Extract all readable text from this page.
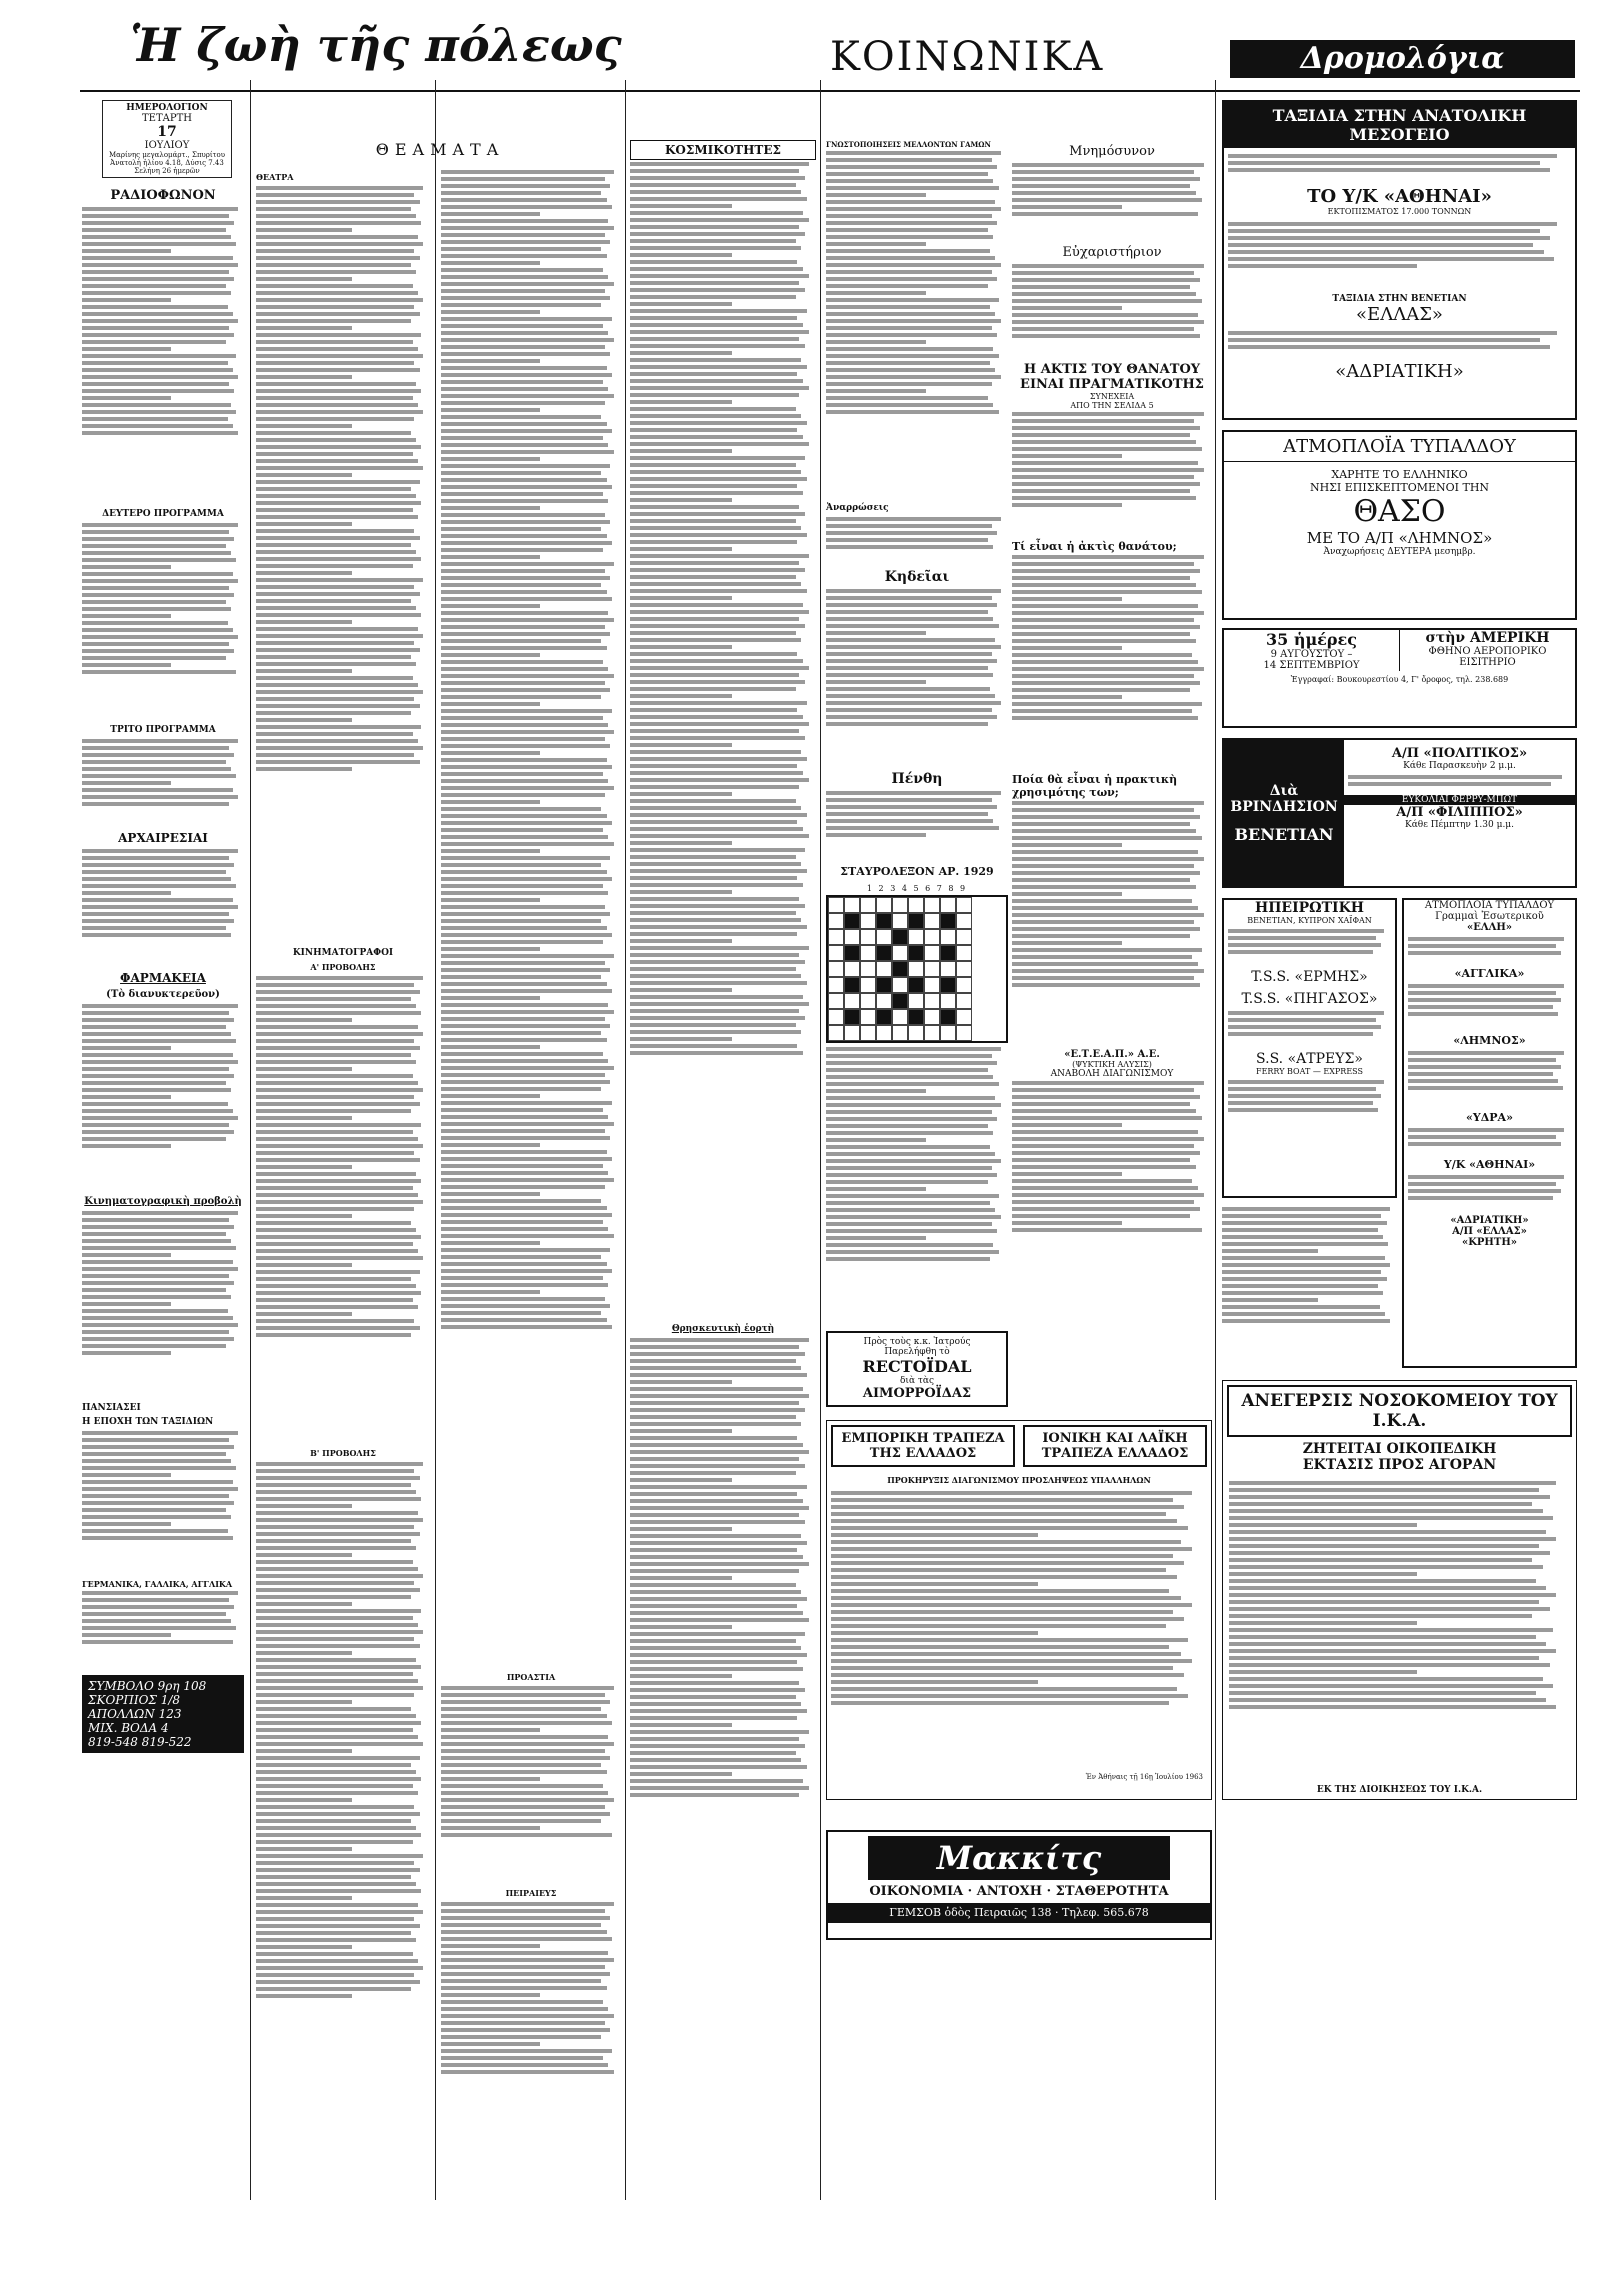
Ἡ ζωὴ τῆς πόλεως	ΚΟΙΝΩΝΙΚΑ	Δρομολόγια
ΗΜΕΡΟΛΟΓΙΟΝ
ΤΕΤΑΡΤΗ
17
ΙΟΥΛΙΟΥ
Μαρίνης μεγαλομάρτ., Σπυρίτου
Ἀνατολὴ ἡλίου 4.18, Δύσις 7.43
Σελήνη 26 ἡμερῶν
ΡΑΔΙΟΦΩΝΟΝ
ΔΕΥΤΕΡΟ ΠΡΟΓΡΑΜΜΑ
ΤΡΙΤΟ ΠΡΟΓΡΑΜΜΑ
ΑΡΧΑΙΡΕΣΙΑΙ
ΦΑΡΜΑΚΕΙΑ
(Τὸ διανυκτερεῦον)
Κινηματογραφικὴ προβολὴ
ΠΑΝΣΙΑΣΕΙ
Η ΕΠΟΧΗ ΤΩΝ ΤΑΞΙΔΙΩΝ
ΓΕΡΜΑΝΙΚΑ, ΓΑΛΛΙΚΑ, ΑΓΓΛΙΚΑ
ΣΥΜΒΟΛΟ 9ρη 108
ΣΚΟΡΠΙΟΣ 1/8
ΑΠΟΛΛΩΝ 123
ΜΙΧ. ΒΟΔΑ 4
819-548 819-522
ΘΕΑΜΑΤΑ
ΘΕΑΤΡΑ
ΚΙΝΗΜΑΤΟΓΡΑΦΟΙ
Α' ΠΡΟΒΟΛΗΣ
Β' ΠΡΟΒΟΛΗΣ
ΠΡΟΑΣΤΙΑ
ΠΕΙΡΑΙΕΥΣ
ΚΟΣΜΙΚΟΤΗΤΕΣ
Θρησκευτικὴ ἑορτὴ
ΓΝΩΣΤΟΠΟΙΗΣΕΙΣ ΜΕΛΛΟΝΤΩΝ ΓΑΜΩΝ
Ἀναρρώσεις
Κηδεῖαι
Πένθη
ΣΤΑΥΡΟΛΕΞΟΝ ΑΡ. 1929
1 2 3 4 5 6 7 8 9
Πρὸς τοὺς κ.κ. Ἰατρούς
Παρελήφθη τὸ
RECTOÏDAL
διὰ τὰς
ΑΙΜΟΡΡΟΪΔΑΣ
Μνημόσυνον
Εὐχαριστήριον
Η ΑΚΤΙΣ ΤΟΥ ΘΑΝΑΤΟΥ ΕΙΝΑΙ ΠΡΑΓΜΑΤΙΚΟΤΗΣ
ΣΥΝΕΧΕΙΑ
ΑΠΟ ΤΗΝ ΣΕΛΙΔΑ 5
Τί εἶναι ἡ ἀκτὶς θανάτου;
Ποία θὰ εἶναι ἡ πρακτικὴ χρησιμότης των;
«Ε.Τ.Ε.Α.Π.» Α.Ε.
(ΨΥΚΤΙΚΗ ΑΛΥΣΙΣ)
ΑΝΑΒΟΛΗ ΔΙΑΓΩΝΙΣΜΟΥ
ΕΜΠΟΡΙΚΗ ΤΡΑΠΕΖΑ ΤΗΣ ΕΛΛΑΔΟΣ
ΙΟΝΙΚΗ ΚΑΙ ΛΑΪΚΗ ΤΡΑΠΕΖΑ ΕΛΛΑΔΟΣ
ΠΡΟΚΗΡΥΞΙΣ ΔΙΑΓΩΝΙΣΜΟΥ ΠΡΟΣΛΗΨΕΩΣ ΥΠΑΛΛΗΛΩΝ
Ἐν Ἀθήναις τῇ 16ῃ Ἰουλίου 1963
Μακκίτς
ΟΙΚΟΝΟΜΙΑ · ΑΝΤΟΧΗ · ΣΤΑΘΕΡΟΤΗΤΑ
ΓΕΜΣΟΒ ὁδὸς Πειραιῶς 138 · Τηλεφ. 565.678
ΤΑΞΙΔΙΑ ΣΤΗΝ ΑΝΑΤΟΛΙΚΗ ΜΕΣΟΓΕΙΟ
ΤΟ Υ/Κ «ΑΘΗΝΑΙ»
ΕΚΤΟΠΙΣΜΑΤΟΣ 17.000 ΤΟΝΝΩΝ
ΤΑΞΙΔΙΑ ΣΤΗΝ ΒΕΝΕΤΙΑΝ
«ΕΛΛΑΣ»
«ΑΔΡΙΑΤΙΚΗ»
ΑΤΜΟΠΛΟΪΑ ΤΥΠΑΛΔΟΥ
ΧΑΡΗΤΕ ΤΟ ΕΛΛΗΝΙΚΟ
ΝΗΣΙ ΕΠΙΣΚΕΠΤΟΜΕΝΟΙ ΤΗΝ
ΘΑΣΟ
ΜΕ ΤΟ Α/Π «ΛΗΜΝΟΣ»
Ἀναχωρήσεις ΔΕΥΤΕΡΑ μεσημβρ.
35 ἡμέρες
9 ΑΥΓΟΥΣΤΟΥ –
14 ΣΕΠΤΕΜΒΡΙΟΥ
στὴν ΑΜΕΡΙΚΗ
ΦΘΗΝΟ ΑΕΡΟΠΟΡΙΚΟ ΕΙΣΙΤΗΡΙΟ
Ἐγγραφαί: Βουκουρεστίου 4, Γ' ὄροφος, τηλ. 238.689
Διὰ ΒΡΙΝΔΗΣΙΟΝ
ΒΕΝΕΤΙΑΝ
Α/Π «ΠΟΛΙΤΙΚΟΣ»
Κάθε Παρασκευὴν 2 μ.μ.
ΕΥΚΟΛΙΑΙ ΦΕΡΡΥ-ΜΠΩΤ
Α/Π «ΦΙΛΙΠΠΟΣ»
Κάθε Πέμπτην 1.30 μ.μ.
ΗΠΕΙΡΩΤΙΚΗ
ΒΕΝΕΤΙΑΝ, ΚΥΠΡΟΝ ΧΑΪΦΑΝ
T.S.S. «ΕΡΜΗΣ»
T.S.S. «ΠΗΓΑΣΟΣ»
S.S. «ΑΤΡΕΥΣ»
FERRY BOAT — EXPRESS
ΑΤΜΟΠΛΟΪΑ ΤΥΠΑΛΔΟΥ
Γραμμαὶ Ἐσωτερικοῦ
«ΕΛΛΗ»
«ΑΓΓΛΙΚΑ»
«ΛΗΜΝΟΣ»
«ΥΔΡΑ»
Υ/Κ «ΑΘΗΝΑΙ»
«ΑΔΡΙΑΤΙΚΗ»
Α/Π «ΕΛΛΑΣ»
«ΚΡΗΤΗ»
ΑΝΕΓΕΡΣΙΣ ΝΟΣΟΚΟΜΕΙΟΥ ΤΟΥ Ι.Κ.Α.
ΖΗΤΕΙΤΑΙ ΟΙΚΟΠΕΔΙΚΗ
ΕΚΤΑΣΙΣ ΠΡΟΣ ΑΓΟΡΑΝ
ΕΚ ΤΗΣ ΔΙΟΙΚΗΣΕΩΣ ΤΟΥ Ι.Κ.Α.
